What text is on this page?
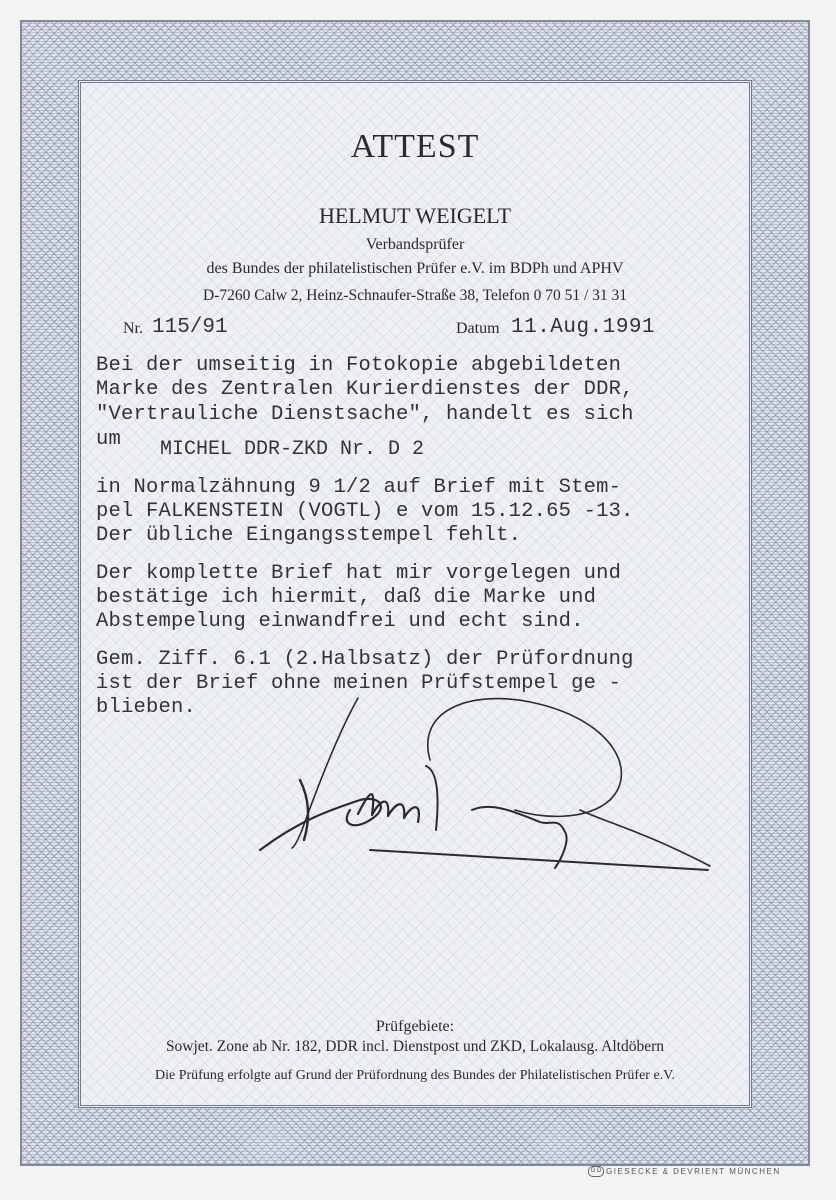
ATTEST
HELMUT WEIGELT
Verbandsprüfer
des Bundes der philatelistischen Prüfer e.V. im BDPh und APHV
D-7260 Calw 2, Heinz-Schnaufer-Straße 38, Telefon 0 70 51 / 31 31
Nr. 115/91	Datum 11.Aug.1991
Bei der umseitig in Fotokopie abgebildeten
Marke des Zentralen Kurierdienstes der DDR,
"Vertrauliche Dienstsache", handelt es sich
um MICHEL DDR-ZKD Nr. D 2
in Normalzähnung 9 1/2 auf Brief mit Stem-
pel FALKENSTEIN (VOGTL) e vom 15.12.65 -13.
Der übliche Eingangsstempel fehlt.
Der komplette Brief hat mir vorgelegen und
bestätige ich hiermit, daß die Marke und
Abstempelung einwandfrei und echt sind.
Gem. Ziff. 6.1 (2.Halbsatz) der Prüfordnung
ist der Brief ohne meinen Prüfstempel ge -
blieben.
Prüfgebiete:
Sowjet. Zone ab Nr. 182, DDR incl. Dienstpost und ZKD, Lokalausg. Altdöbern
Die Prüfung erfolgte auf Grund der Prüfordnung des Bundes der Philatelistischen Prüfer e.V.
G D GIESECKE & DEVRIENT MÜNCHEN
